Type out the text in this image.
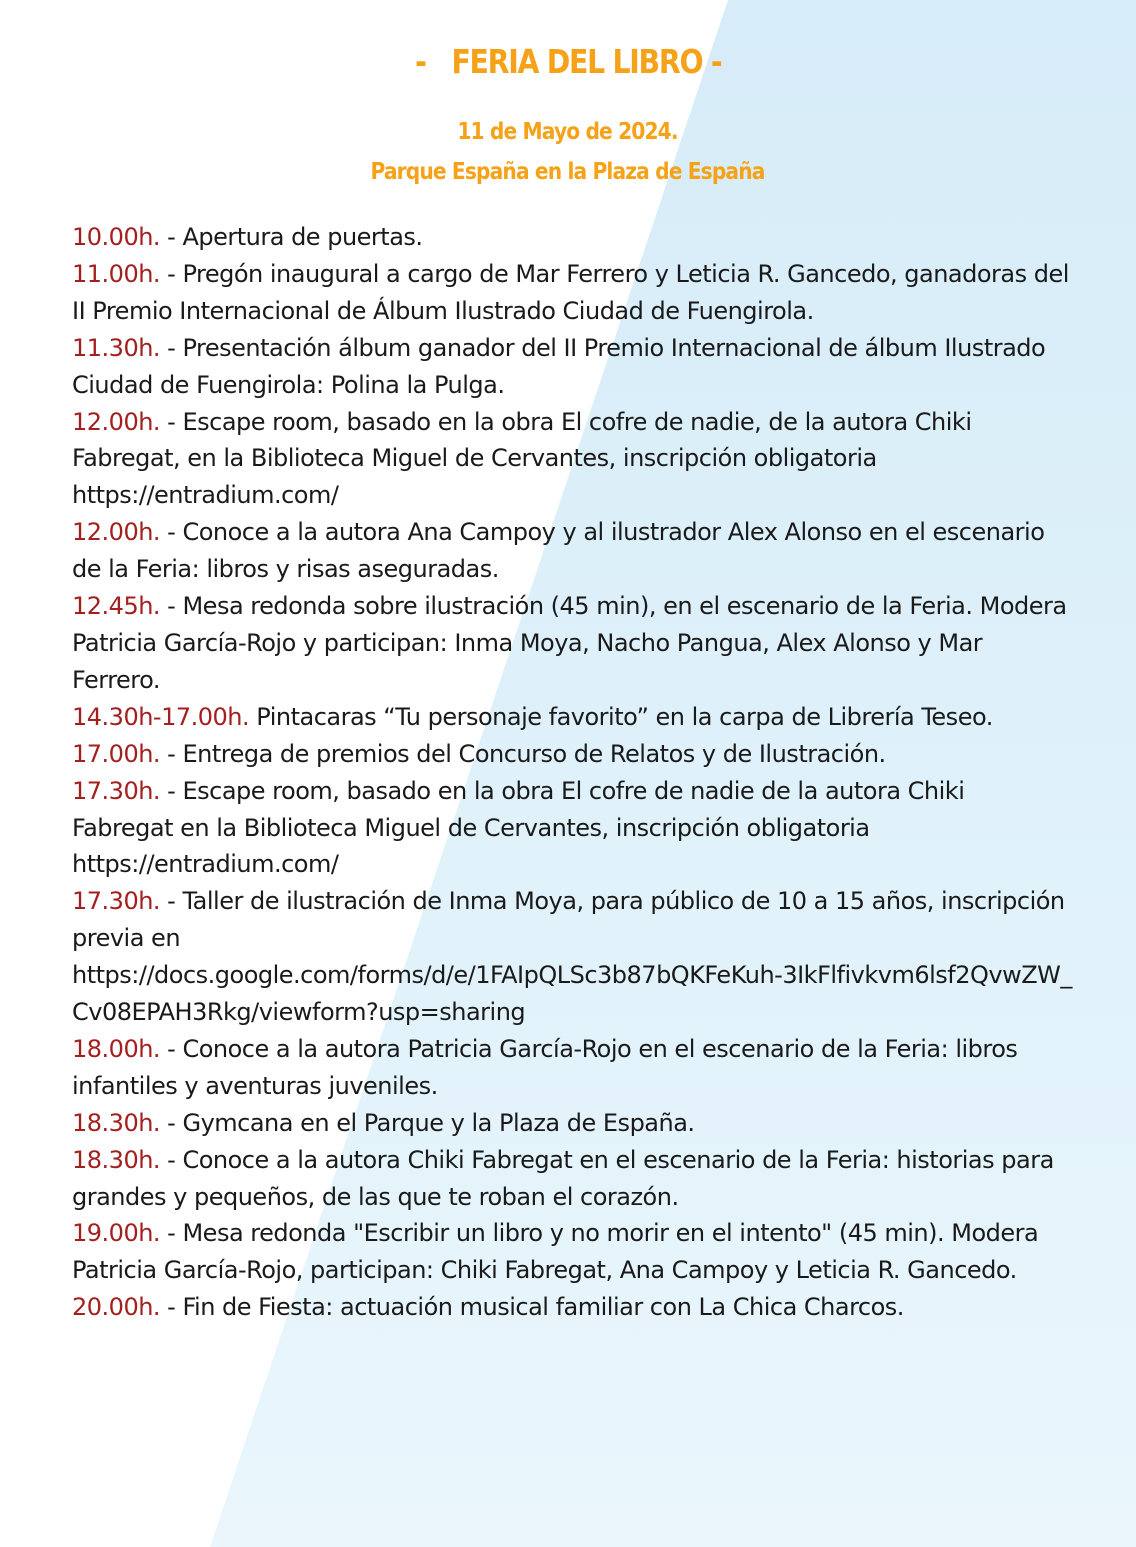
-   FERIA DEL LIBRO -
11 de Mayo de 2024.
Parque España en la Plaza de España
10.00h. - Apertura de puertas.
11.00h. - Pregón inaugural a cargo de Mar Ferrero y Leticia R. Gancedo, ganadoras del II Premio Internacional de Álbum Ilustrado Ciudad de Fuengirola.
11.30h. - Presentación álbum ganador del II Premio Internacional de álbum Ilustrado Ciudad de Fuengirola: Polina la Pulga.
12.00h. - Escape room, basado en la obra El cofre de nadie, de la autora Chiki Fabregat, en la Biblioteca Miguel de Cervantes, inscripción obligatoria https://entradium.com/
12.00h. - Conoce a la autora Ana Campoy y al ilustrador Alex Alonso en el escenario de la Feria: libros y risas aseguradas.
12.45h. - Mesa redonda sobre ilustración (45 min), en el escenario de la Feria. Modera Patricia García-Rojo y participan: Inma Moya, Nacho Pangua, Alex Alonso y Mar Ferrero.
14.30h-17.00h. Pintacaras “Tu personaje favorito” en la carpa de Librería Teseo.
17.00h. - Entrega de premios del Concurso de Relatos y de Ilustración.
17.30h. - Escape room, basado en la obra El cofre de nadie de la autora Chiki Fabregat en la Biblioteca Miguel de Cervantes, inscripción obligatoria https://entradium.com/
17.30h. - Taller de ilustración de Inma Moya, para público de 10 a 15 años, inscripción previa en
https://docs.google.com/forms/d/e/1FAIpQLSc3b87bQKFeKuh-3IkFlfivkvm6lsf2QvwZW_Cv08EPAH3Rkg/viewform?usp=sharing
18.00h. - Conoce a la autora Patricia García-Rojo en el escenario de la Feria: libros infantiles y aventuras juveniles.
18.30h. - Gymcana en el Parque y la Plaza de España.
18.30h. - Conoce a la autora Chiki Fabregat en el escenario de la Feria: historias para grandes y pequeños, de las que te roban el corazón.
19.00h. - Mesa redonda "Escribir un libro y no morir en el intento" (45 min). Modera Patricia García-Rojo, participan: Chiki Fabregat, Ana Campoy y Leticia R. Gancedo.
20.00h. - Fin de Fiesta: actuación musical familiar con La Chica Charcos.
